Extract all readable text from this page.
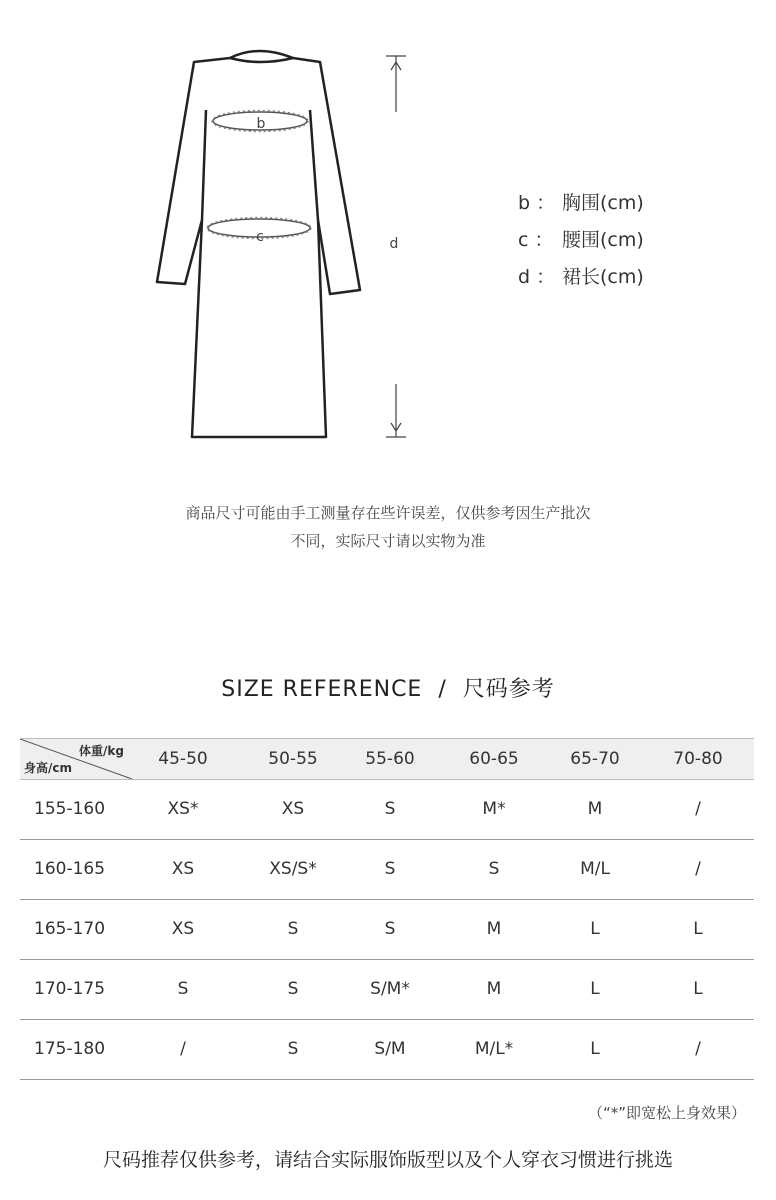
b
c	d
b ： 胸围(cm)
c ： 腰围(cm)
d ： 裙长(cm)
商品尺寸可能由手工测量存在些许误差，仅供参考因生产批次
不同，实际尺寸请以实物为准
SIZE REFERENCE  /  尺码参考
体重/kg
身高/cm	45-50	50-55	55-60	60-65	65-70	70-80
155-160	XS*	XS	S	M*	M	/
160-165	XS	XS/S*	S	S	M/L	/
165-170	XS	S	S	M	L	L
170-175	S	S	S/M*	M	L	L
175-180	/	S	S/M	M/L*	L	/
（“*”即宽松上身效果）
尺码推荐仅供参考，请结合实际服饰版型以及个人穿衣习惯进行挑选
